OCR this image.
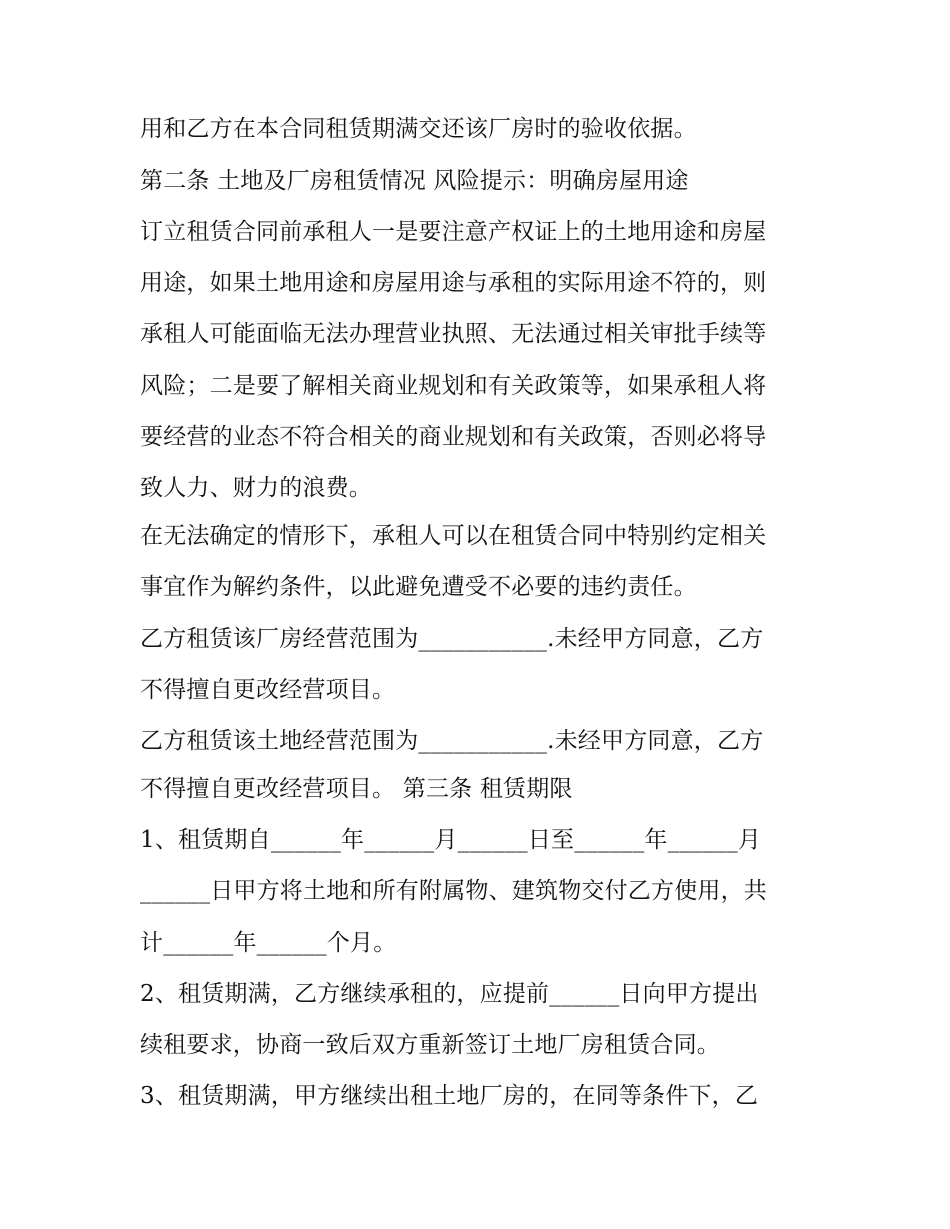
用和乙方在本合同租赁期满交还该厂房时的验收依据。
第二条 土地及厂房租赁情况 风险提示：明确房屋用途
订立租赁合同前承租人一是要注意产权证上的土地用途和房屋
用途，如果土地用途和房屋用途与承租的实际用途不符的，则
承租人可能面临无法办理营业执照、无法通过相关审批手续等
风险；二是要了解相关商业规划和有关政策等，如果承租人将
要经营的业态不符合相关的商业规划和有关政策，否则必将导
致人力、财力的浪费。
在无法确定的情形下，承租人可以在租赁合同中特别约定相关
事宜作为解约条件，以此避免遭受不必要的违约责任。
乙方租赁该厂房经营范围为___________.未经甲方同意，乙方
不得擅自更改经营项目。
乙方租赁该土地经营范围为___________.未经甲方同意，乙方
不得擅自更改经营项目。 第三条 租赁期限
1、租赁期自______年______月______日至______年______月
______日甲方将土地和所有附属物、建筑物交付乙方使用，共
计______年______个月。
2、租赁期满，乙方继续承租的，应提前______日向甲方提出
续租要求，协商一致后双方重新签订土地厂房租赁合同。
3、租赁期满，甲方继续出租土地厂房的，在同等条件下，乙
